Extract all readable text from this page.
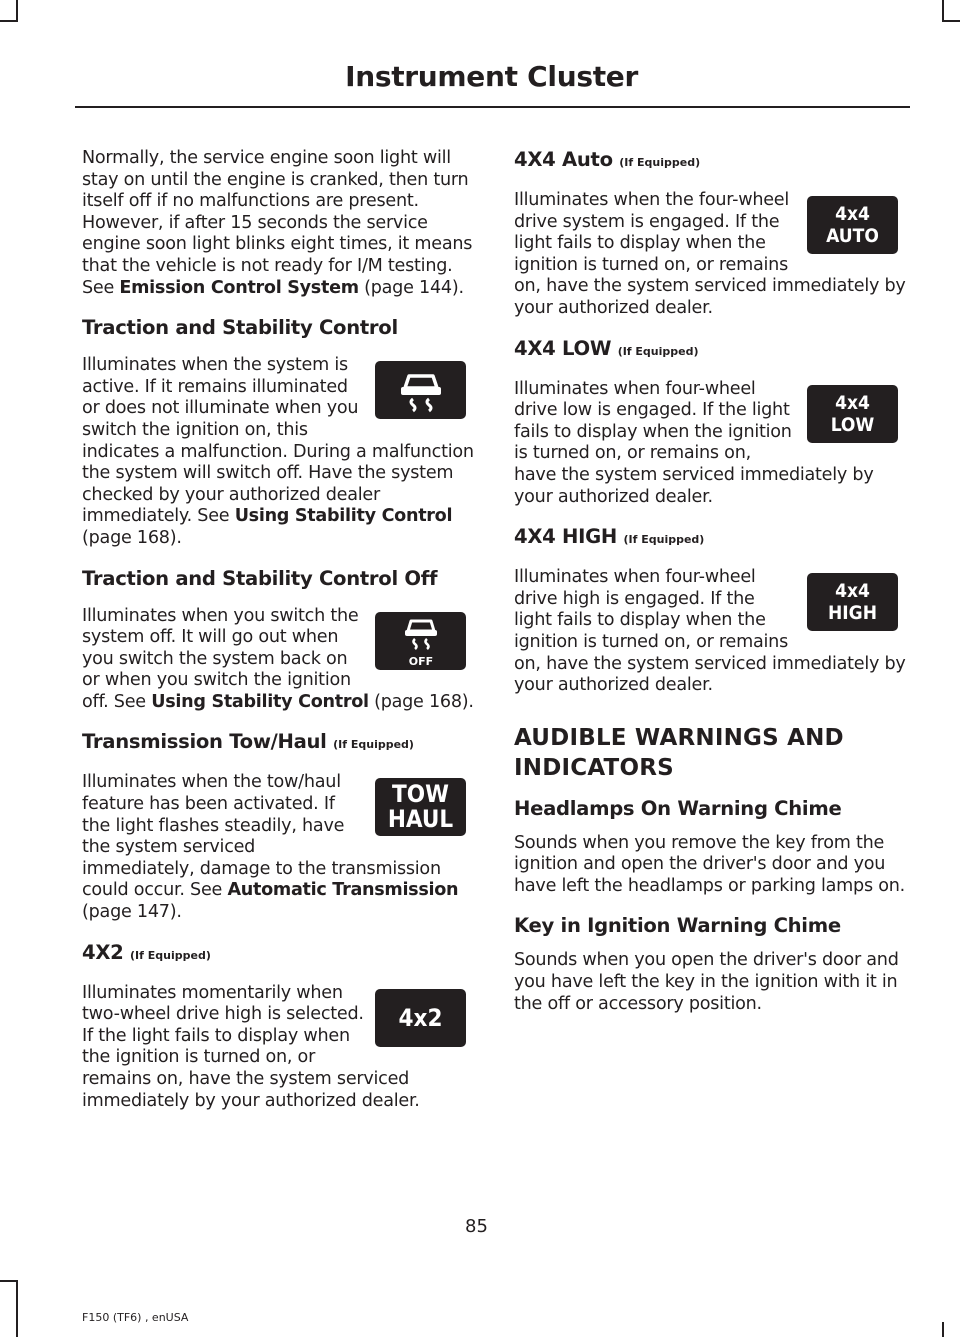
Instrument Cluster

Normally, the service engine soon light will stay on until the engine is cranked, then turn itself off if no malfunctions are present. However, if after 15 seconds the service engine soon light blinks eight times, it means that the vehicle is not ready for I/M testing. See Emission Control System (page 144).

Traction and Stability Control

Illuminates when the system is active. If it remains illuminated or does not illuminate when you switch the ignition on, this indicates a malfunction. During a malfunction the system will switch off. Have the system checked by your authorized dealer immediately. See Using Stability Control (page 168).

Traction and Stability Control Off
OFF

Illuminates when you switch the system off. It will go out when you switch the system back on or when you switch the ignition off. See Using Stability Control (page 168).

Transmission Tow/Haul (If Equipped)
TOW
HAUL

Illuminates when the tow/haul feature has been activated. If the light flashes steadily, have the system serviced immediately, damage to the transmission could occur. See Automatic Transmission (page 147).

4X2 (If Equipped)
4x2

Illuminates momentarily when two-wheel drive high is selected. If the light fails to display when the ignition is turned on, or remains on, have the system serviced immediately by your authorized dealer.

4X4 Auto (If Equipped)
4x4
AUTO

Illuminates when the four-wheel drive system is engaged. If the light fails to display when the ignition is turned on, or remains on, have the system serviced immediately by your authorized dealer.

4X4 LOW (If Equipped)
4x4
LOW

Illuminates when four-wheel drive low is engaged. If the light fails to display when the ignition is turned on, or remains on, have the system serviced immediately by your authorized dealer.

4X4 HIGH (If Equipped)
4x4
HIGH

Illuminates when four-wheel drive high is engaged. If the light fails to display when the ignition is turned on, or remains on, have the system serviced immediately by your authorized dealer.

AUDIBLE WARNINGS AND
INDICATORS
Headlamps On Warning Chime

Sounds when you remove the key from the ignition and open the driver's door and you have left the headlamps or parking lamps on.

Key in Ignition Warning Chime

Sounds when you open the driver's door and you have left the key in the ignition with it in the off or accessory position.

85
F150 (TF6) , enUSA
